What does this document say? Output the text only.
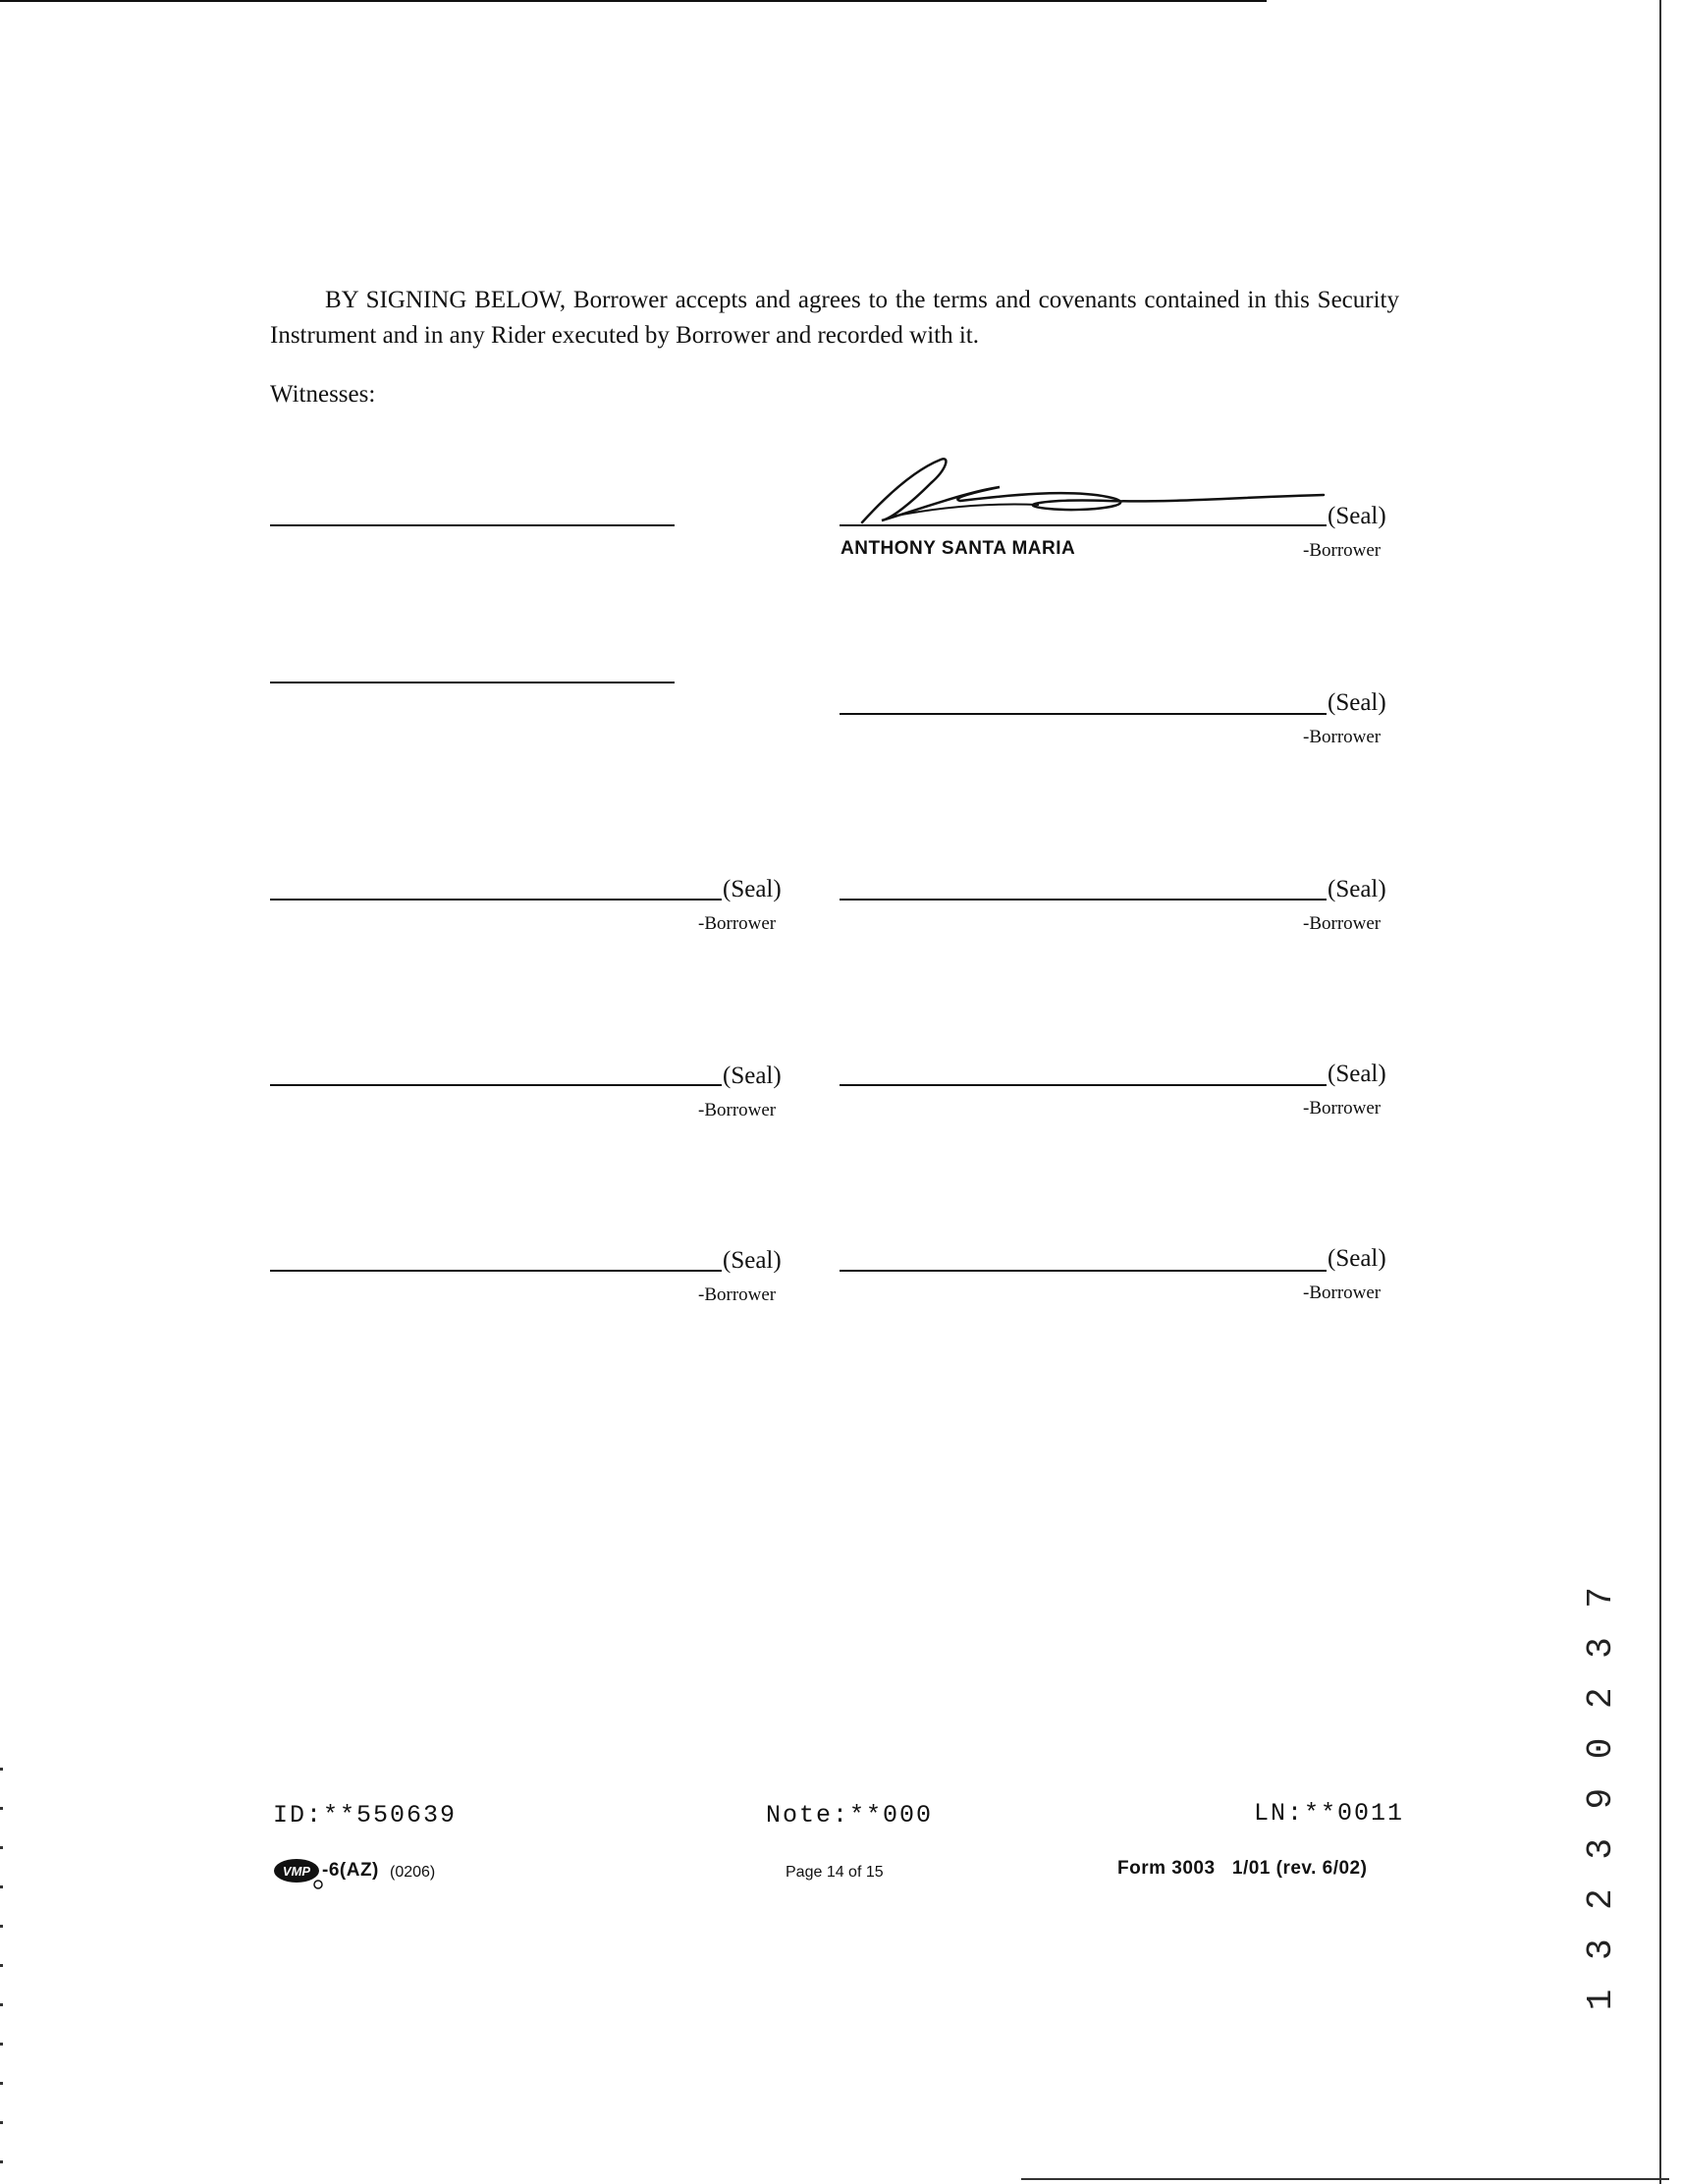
BY SIGNING BELOW, Borrower accepts and agrees to the terms and covenants contained in this Security Instrument and in any Rider executed by Borrower and recorded with it.
Witnesses:
(Seal)
ANTHONY SANTA MARIA	-Borrower
(Seal)
-Borrower
(Seal)
-Borrower
(Seal)
-Borrower
(Seal)
-Borrower
(Seal)
-Borrower
(Seal)
-Borrower
(Seal)
-Borrower
ID:**550639	Note:**000	LN:**0011
VMP -6(AZ) (0206)	Page 14 of 15	Form 3003   1/01 (rev. 6/02)	1 3 2 3 9 0 2 3 7
